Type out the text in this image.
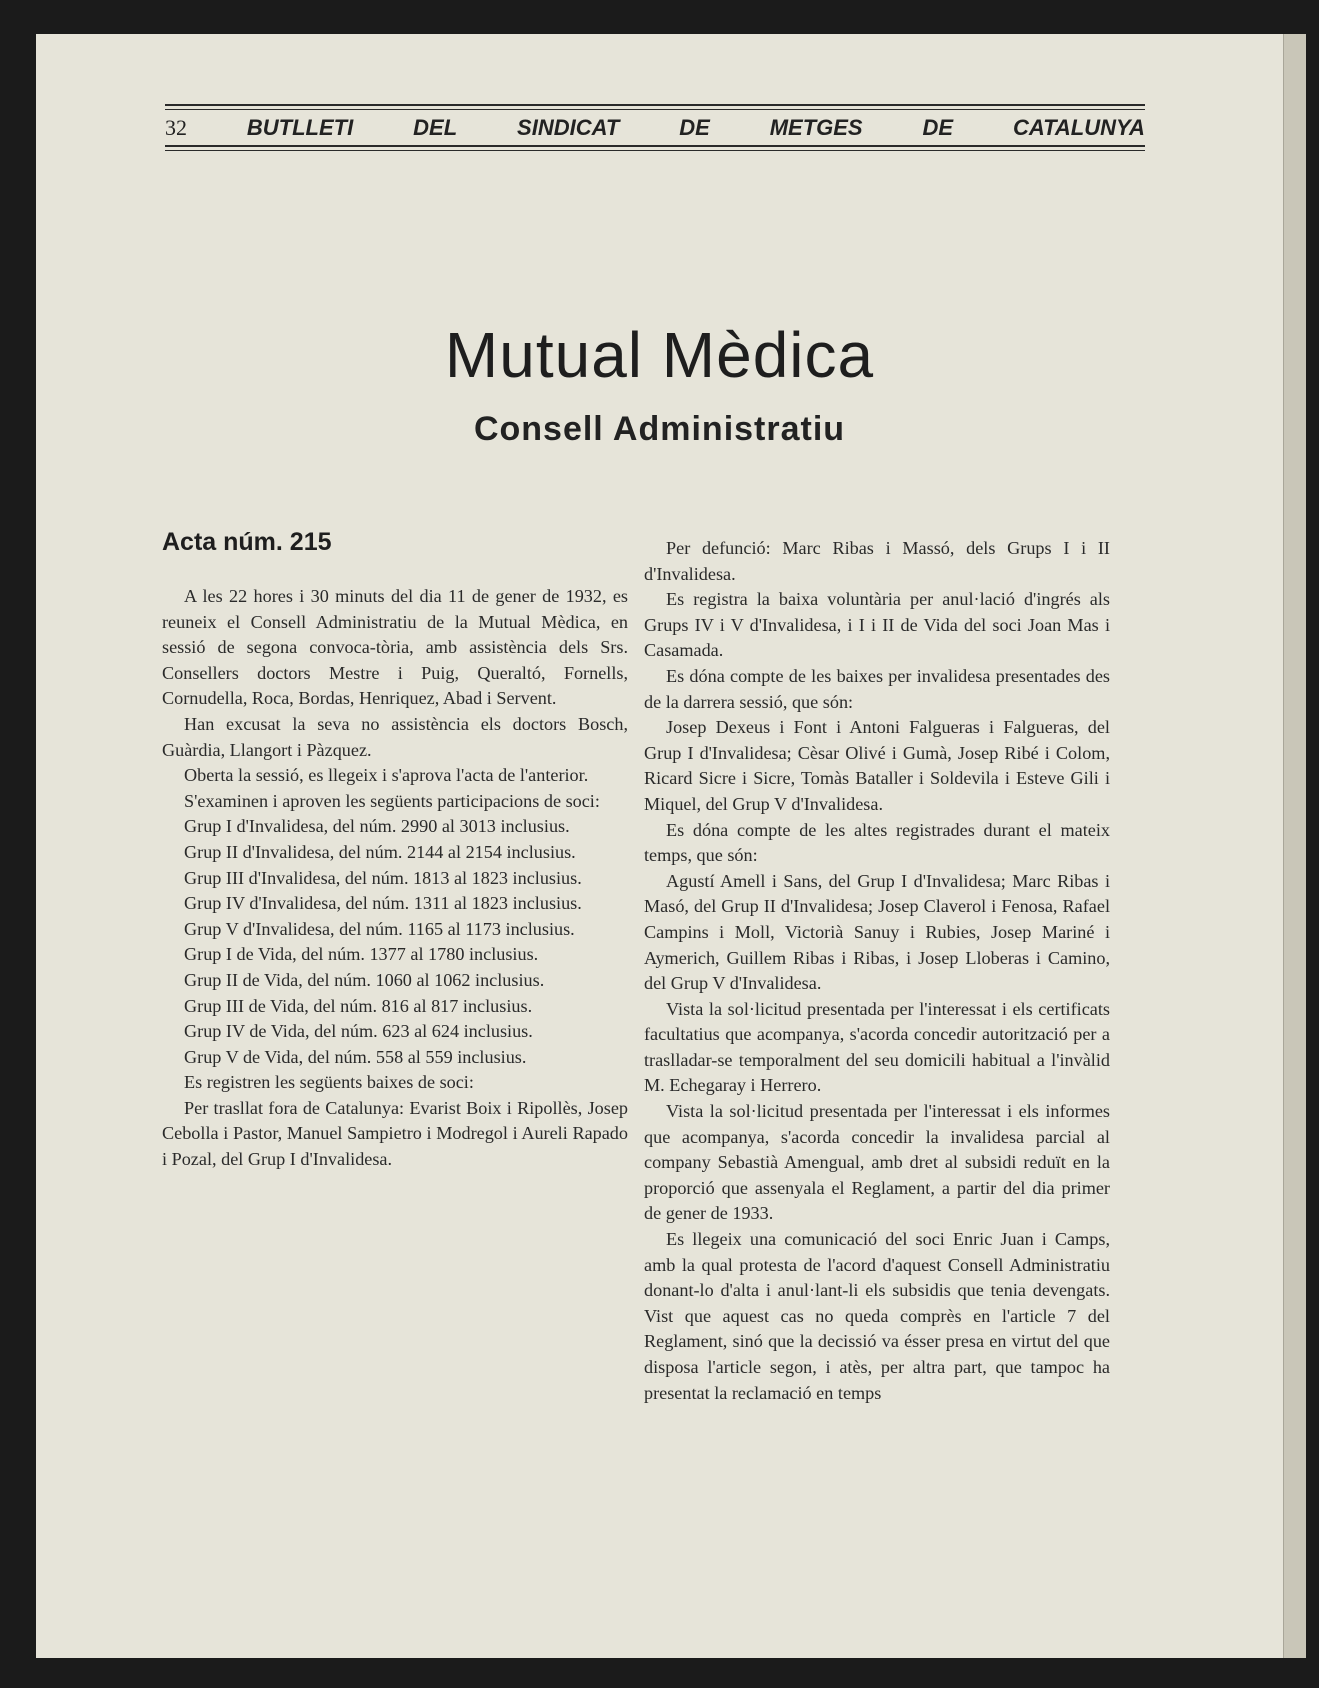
32	BUTLLETI	DEL	SINDICAT	DE	METGES	DE	CATALUNYA
Mutual Mèdica
Consell Administratiu
Acta núm. 215

A les 22 hores i 30 minuts del dia 11 de gener de 1932, es reuneix el Consell Administratiu de la Mutual Mèdica, en sessió de segona convoca-tòria, amb assistència dels Srs. Consellers doctors Mestre i Puig, Queraltó, Fornells, Cornudella, Roca, Bordas, Henriquez, Abad i Servent.

Han excusat la seva no assistència els doctors Bosch, Guàrdia, Llangort i Pàzquez.

Oberta la sessió, es llegeix i s'aprova l'acta de l'anterior.

S'examinen i aproven les següents participacions de soci:

Grup I d'Invalidesa, del núm. 2990 al 3013 inclusius.

Grup II d'Invalidesa, del núm. 2144 al 2154 inclusius.

Grup III d'Invalidesa, del núm. 1813 al 1823 inclusius.

Grup IV d'Invalidesa, del núm. 1311 al 1823 inclusius.

Grup V d'Invalidesa, del núm. 1165 al 1173 inclusius.

Grup I de Vida, del núm. 1377 al 1780 inclusius.

Grup II de Vida, del núm. 1060 al 1062 inclusius.

Grup III de Vida, del núm. 816 al 817 inclusius.

Grup IV de Vida, del núm. 623 al 624 inclusius.

Grup V de Vida, del núm. 558 al 559 inclusius.

Es registren les següents baixes de soci:

Per trasllat fora de Catalunya: Evarist Boix i Ripollès, Josep Cebolla i Pastor, Manuel Sampietro i Modregol i Aureli Rapado i Pozal, del Grup I d'Invalidesa.

Per defunció: Marc Ribas i Massó, dels Grups I i II d'Invalidesa.

Es registra la baixa voluntària per anul·lació d'ingrés als Grups IV i V d'Invalidesa, i I i II de Vida del soci Joan Mas i Casamada.

Es dóna compte de les baixes per invalidesa presentades des de la darrera sessió, que són:

Josep Dexeus i Font i Antoni Falgueras i Falgueras, del Grup I d'Invalidesa; Cèsar Olivé i Gumà, Josep Ribé i Colom, Ricard Sicre i Sicre, Tomàs Bataller i Soldevila i Esteve Gili i Miquel, del Grup V d'Invalidesa.

Es dóna compte de les altes registrades durant el mateix temps, que són:

Agustí Amell i Sans, del Grup I d'Invalidesa; Marc Ribas i Masó, del Grup II d'Invalidesa; Josep Claverol i Fenosa, Rafael Campins i Moll, Victorià Sanuy i Rubies, Josep Mariné i Aymerich, Guillem Ribas i Ribas, i Josep Lloberas i Camino, del Grup V d'Invalidesa.

Vista la sol·licitud presentada per l'interessat i els certificats facultatius que acompanya, s'acorda concedir autorització per a traslladar-se temporalment del seu domicili habitual a l'invàlid M. Echegaray i Herrero.

Vista la sol·licitud presentada per l'interessat i els informes que acompanya, s'acorda concedir la invalidesa parcial al company Sebastià Amengual, amb dret al subsidi reduït en la proporció que assenyala el Reglament, a partir del dia primer de gener de 1933.

Es llegeix una comunicació del soci Enric Juan i Camps, amb la qual protesta de l'acord d'aquest Consell Administratiu donant-lo d'alta i anul·lant-li els subsidis que tenia devengats. Vist que aquest cas no queda comprès en l'article 7 del Reglament, sinó que la decissió va ésser presa en virtut del que disposa l'article segon, i atès, per altra part, que tampoc ha presentat la reclamació en temps
